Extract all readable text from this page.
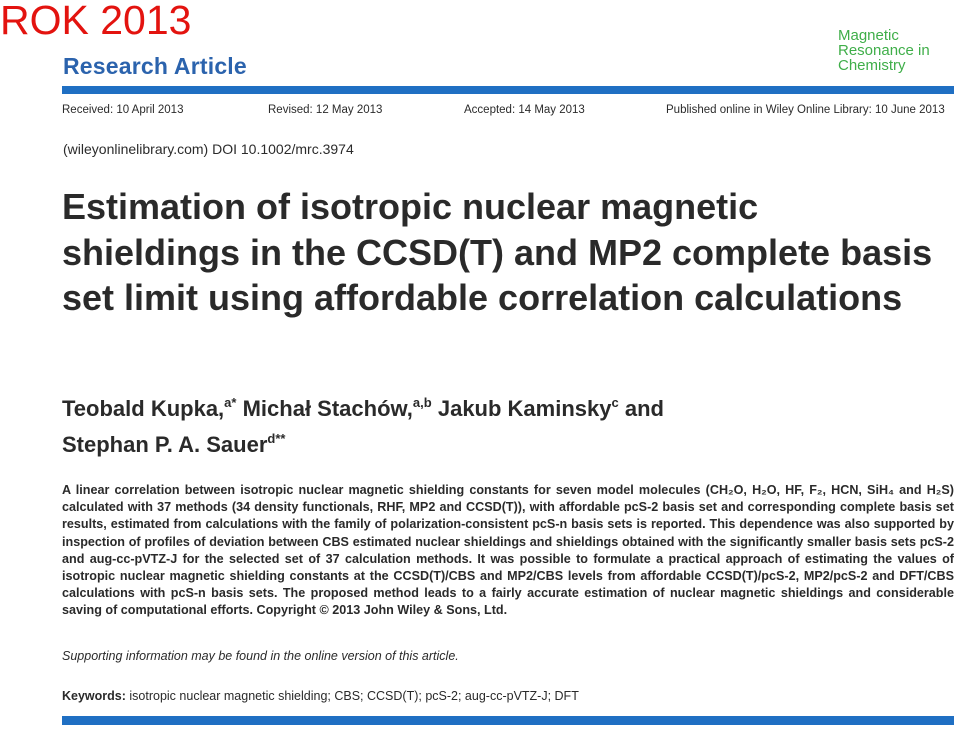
ROK 2013	Magnetic
Resonance in
Chemistry
Research Article
Received: 10 April 2013	Revised: 12 May 2013	Accepted: 14 May 2013	Published online in Wiley Online Library: 10 June 2013
(wileyonlinelibrary.com) DOI 10.1002/mrc.3974
Estimation of isotropic nuclear magnetic shieldings in the CCSD(T) and MP2 complete basis set limit using affordable correlation calculations
Teobald Kupka,$^{a*}$ Michał Stachów,$^{a,b}$ Jakub Kaminsky$^c$ and
Stephan P. A. Sauer$^{d**}$

A linear correlation between isotropic nuclear magnetic shielding constants for seven model molecules (CH₂O, H₂O, HF, F₂, HCN, SiH₄ and H₂S) calculated with 37 methods (34 density functionals, RHF, MP2 and CCSD(T)), with affordable pcS-2 basis set and corresponding complete basis set results, estimated from calculations with the family of polarization-consistent pcS-n basis sets is reported. This dependence was also supported by inspection of profiles of deviation between CBS estimated nuclear shieldings and shieldings obtained with the significantly smaller basis sets pcS-2 and aug-cc-pVTZ-J for the selected set of 37 calculation methods. It was possible to formulate a practical approach of estimating the values of isotropic nuclear magnetic shielding constants at the CCSD(T)/CBS and MP2/CBS levels from affordable CCSD(T)/pcS-2, MP2/pcS-2 and DFT/CBS calculations with pcS-n basis sets. The proposed method leads to a fairly accurate estimation of nuclear magnetic shieldings and considerable saving of computational efforts. Copyright © 2013 John Wiley & Sons, Ltd.

Supporting information may be found in the online version of this article.
Keywords: isotropic nuclear magnetic shielding; CBS; CCSD(T); pcS-2; aug-cc-pVTZ-J; DFT
